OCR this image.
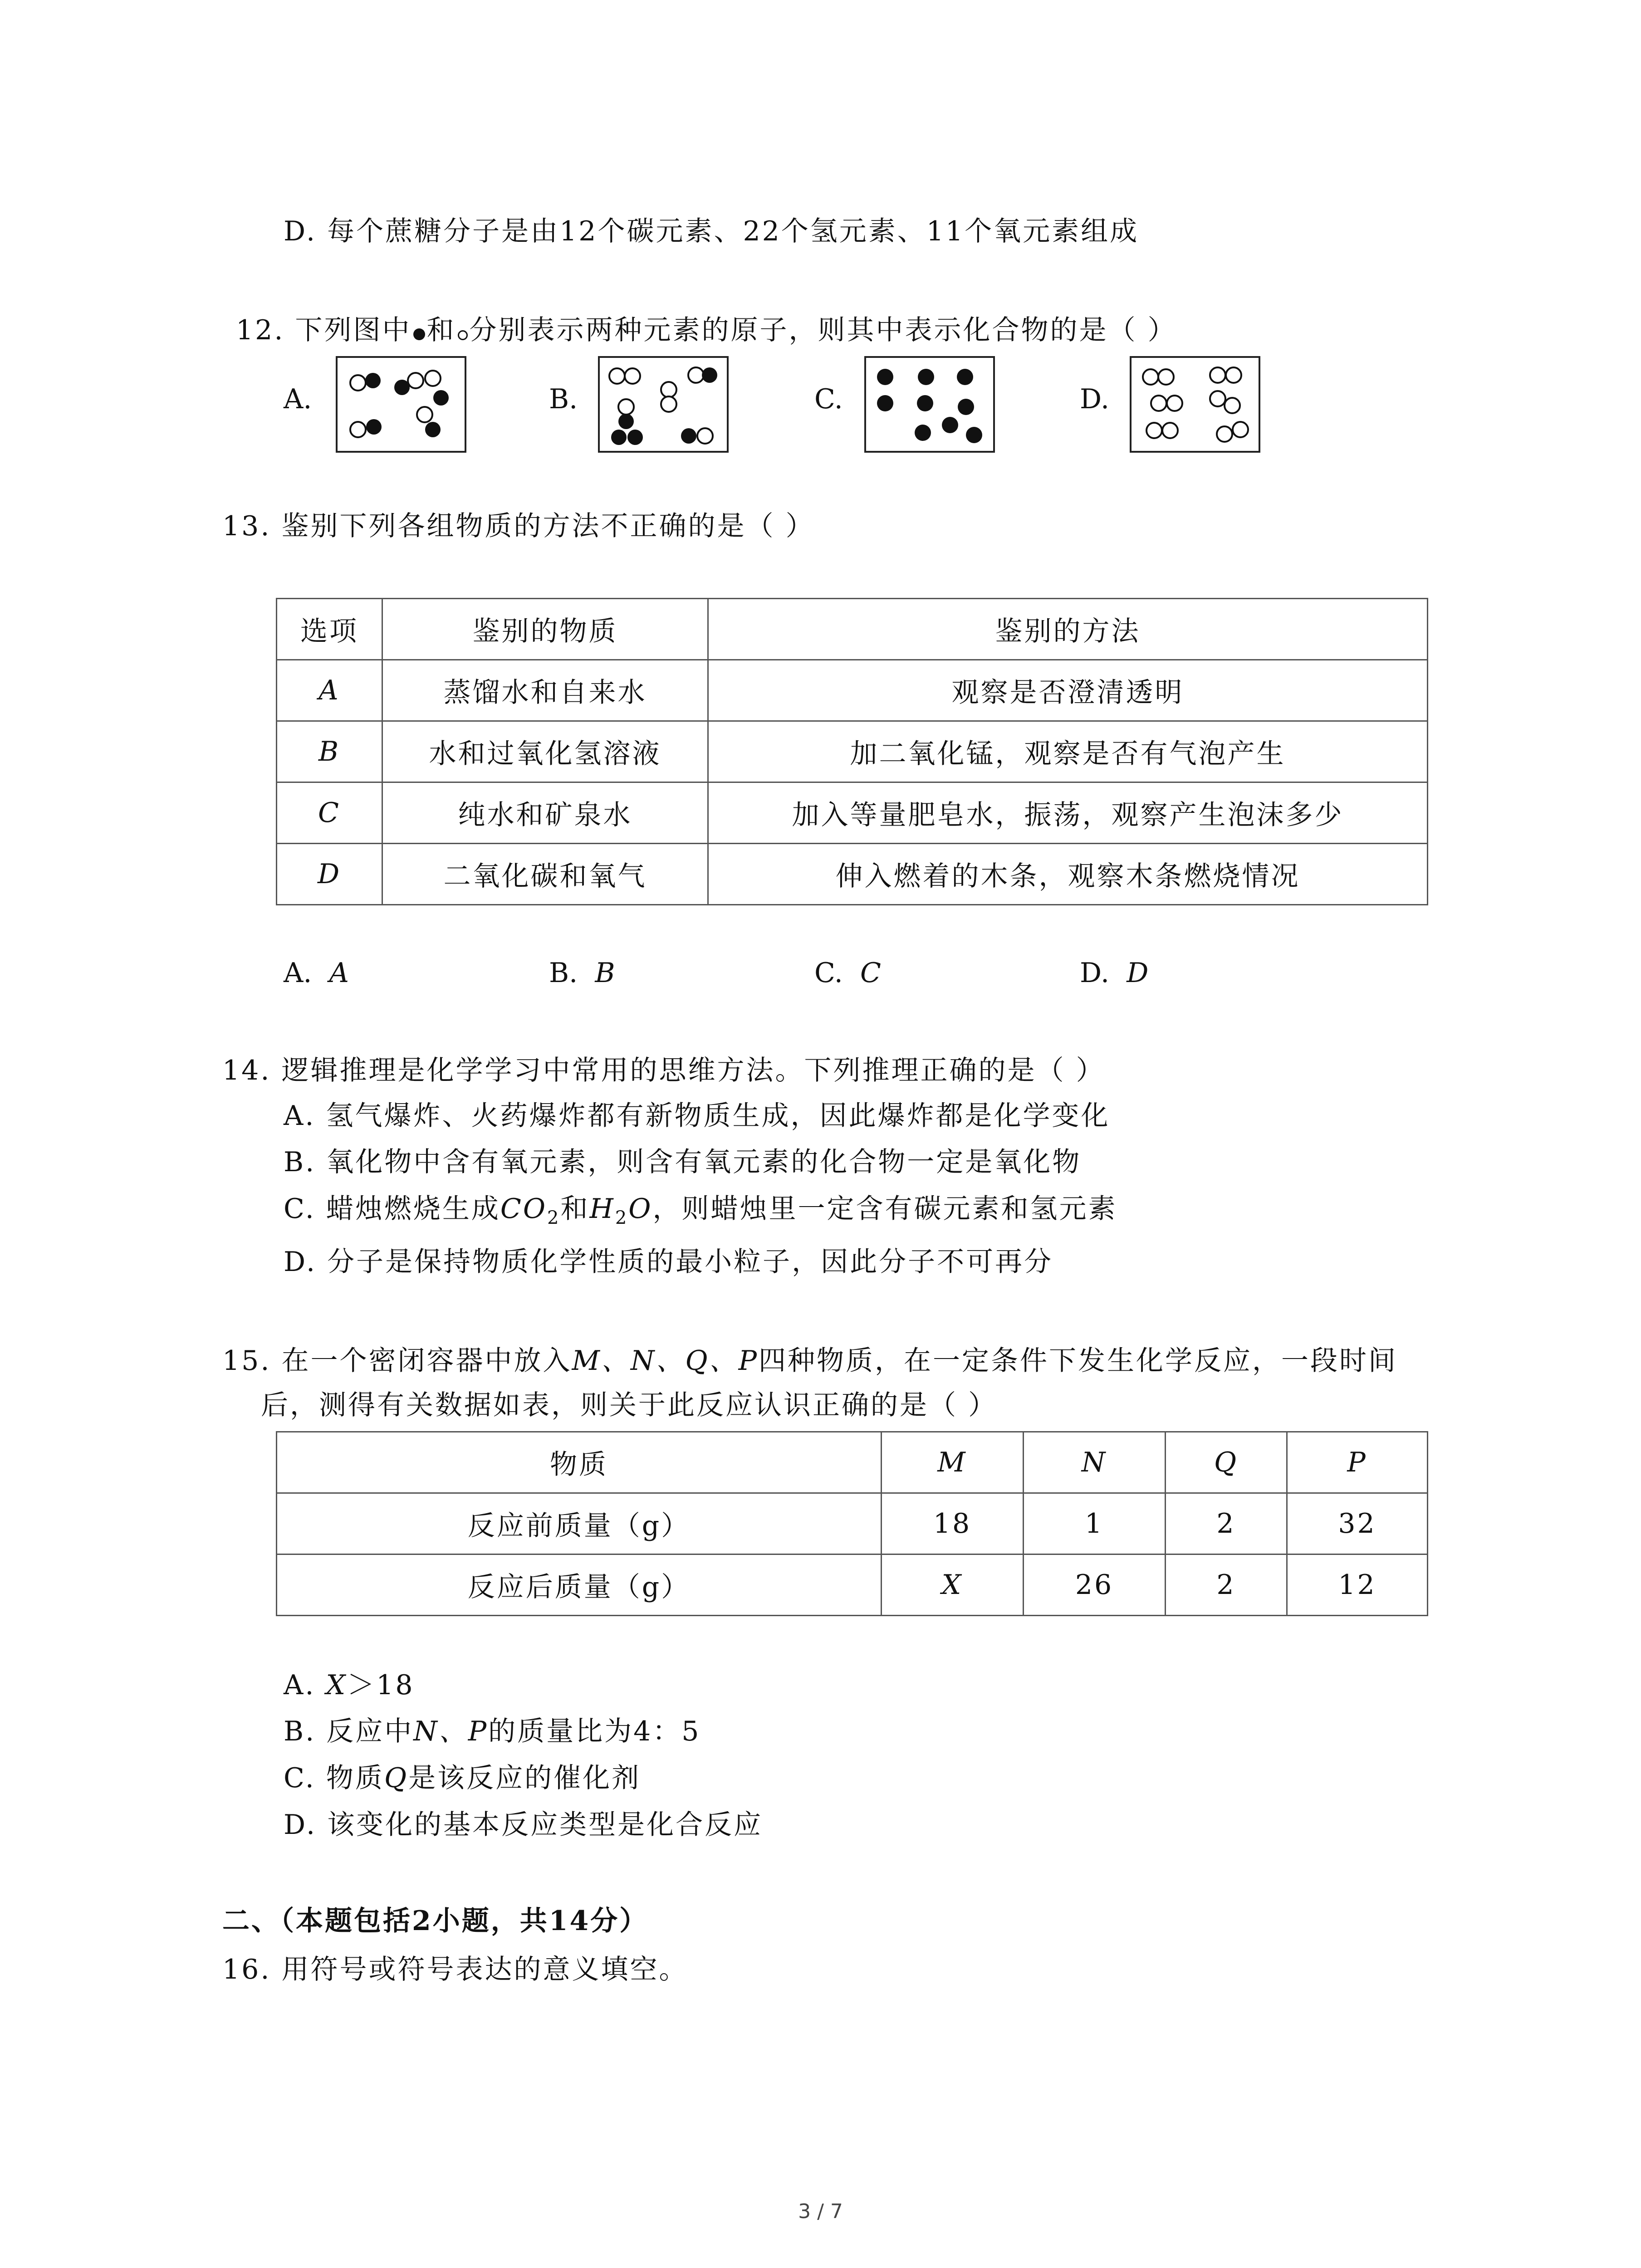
D. 每个蔗糖分子是由12个碳元素、22个氢元素、11个氧元素组成
12. 下列图中 和 分别表示两种元素的原子，则其中表示化合物的是（ ）
A.	B.	C.	D.
13. 鉴别下列各组物质的方法不正确的是（ ）
选项	鉴别的物质	鉴别的方法
A	蒸馏水和自来水	观察是否澄清透明
B	水和过氧化氢溶液	加二氧化锰，观察是否有气泡产生
C	纯水和矿泉水	加入等量肥皂水，振荡，观察产生泡沫多少
D	二氧化碳和氧气	伸入燃着的木条，观察木条燃烧情况
A. A	B. B	C. C	D. D
14. 逻辑推理是化学学习中常用的思维方法。下列推理正确的是（ ）
A. 氢气爆炸、火药爆炸都有新物质生成，因此爆炸都是化学变化
B. 氧化物中含有氧元素，则含有氧元素的化合物一定是氧化物
C. 蜡烛燃烧生成$CO_2$和$H_2O$，则蜡烛里一定含有碳元素和氢元素
D. 分子是保持物质化学性质的最小粒子，因此分子不可再分
15. 在一个密闭容器中放入M、N、Q、P四种物质，在一定条件下发生化学反应，一段时间
后，测得有关数据如表，则关于此反应认识正确的是（ ）
物质	M	N	Q	P
反应前质量（g）	18	1	2	32
反应后质量（g）	X	26	2	12
A. X＞18
B. 反应中N、P的质量比为4：5
C. 物质Q是该反应的催化剂
D. 该变化的基本反应类型是化合反应
二、（本题包括2小题，共14分）
16. 用符号或符号表达的意义填空。
3 / 7
